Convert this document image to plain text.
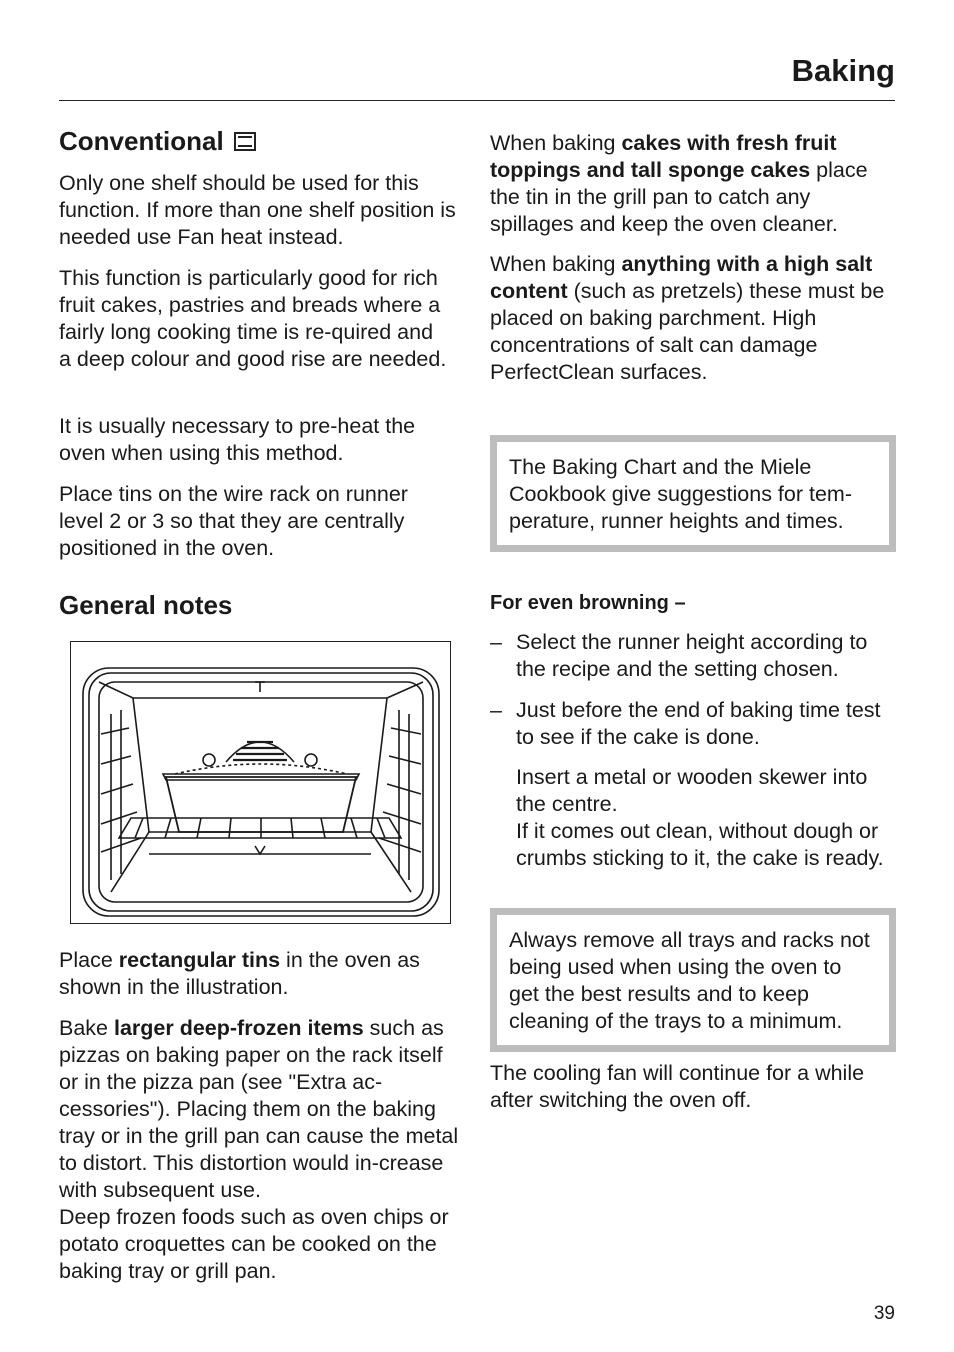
Baking
Conventional

Only one shelf should be used for this function. If more than one shelf position is needed use Fan heat instead.

This function is particularly good for rich fruit cakes, pastries and breads where a fairly long cooking time is re-quired and a deep colour and good rise are needed.

It is usually necessary to pre-heat the oven when using this method.

Place tins on the wire rack on runner level 2 or 3 so that they are centrally positioned in the oven.

General notes

Place rectangular tins in the oven as shown in the illustration.

Bake larger deep-frozen items such as pizzas on baking paper on the rack itself or in the pizza pan (see "Extra ac-cessories"). Placing them on the baking tray or in the grill pan can cause the metal to distort. This distortion would in-crease with subsequent use.
Deep frozen foods such as oven chips or potato croquettes can be cooked on the baking tray or grill pan.

When baking cakes with fresh fruit toppings and tall sponge cakes place the tin in the grill pan to catch any spillages and keep the oven cleaner.

When baking anything with a high salt content (such as pretzels) these must be placed on baking parchment. High concentrations of salt can damage PerfectClean surfaces.

The Baking Chart and the Miele Cookbook give suggestions for tem-perature, runner heights and times.

For even browning –

– Select the runner height according to the recipe and the setting chosen.

– Just before the end of baking time test to see if the cake is done.

Insert a metal or wooden skewer into the centre.

If it comes out clean, without dough or crumbs sticking to it, the cake is ready.

Always remove all trays and racks not being used when using the oven to get the best results and to keep cleaning of the trays to a minimum.

The cooling fan will continue for a while after switching the oven off.

39
